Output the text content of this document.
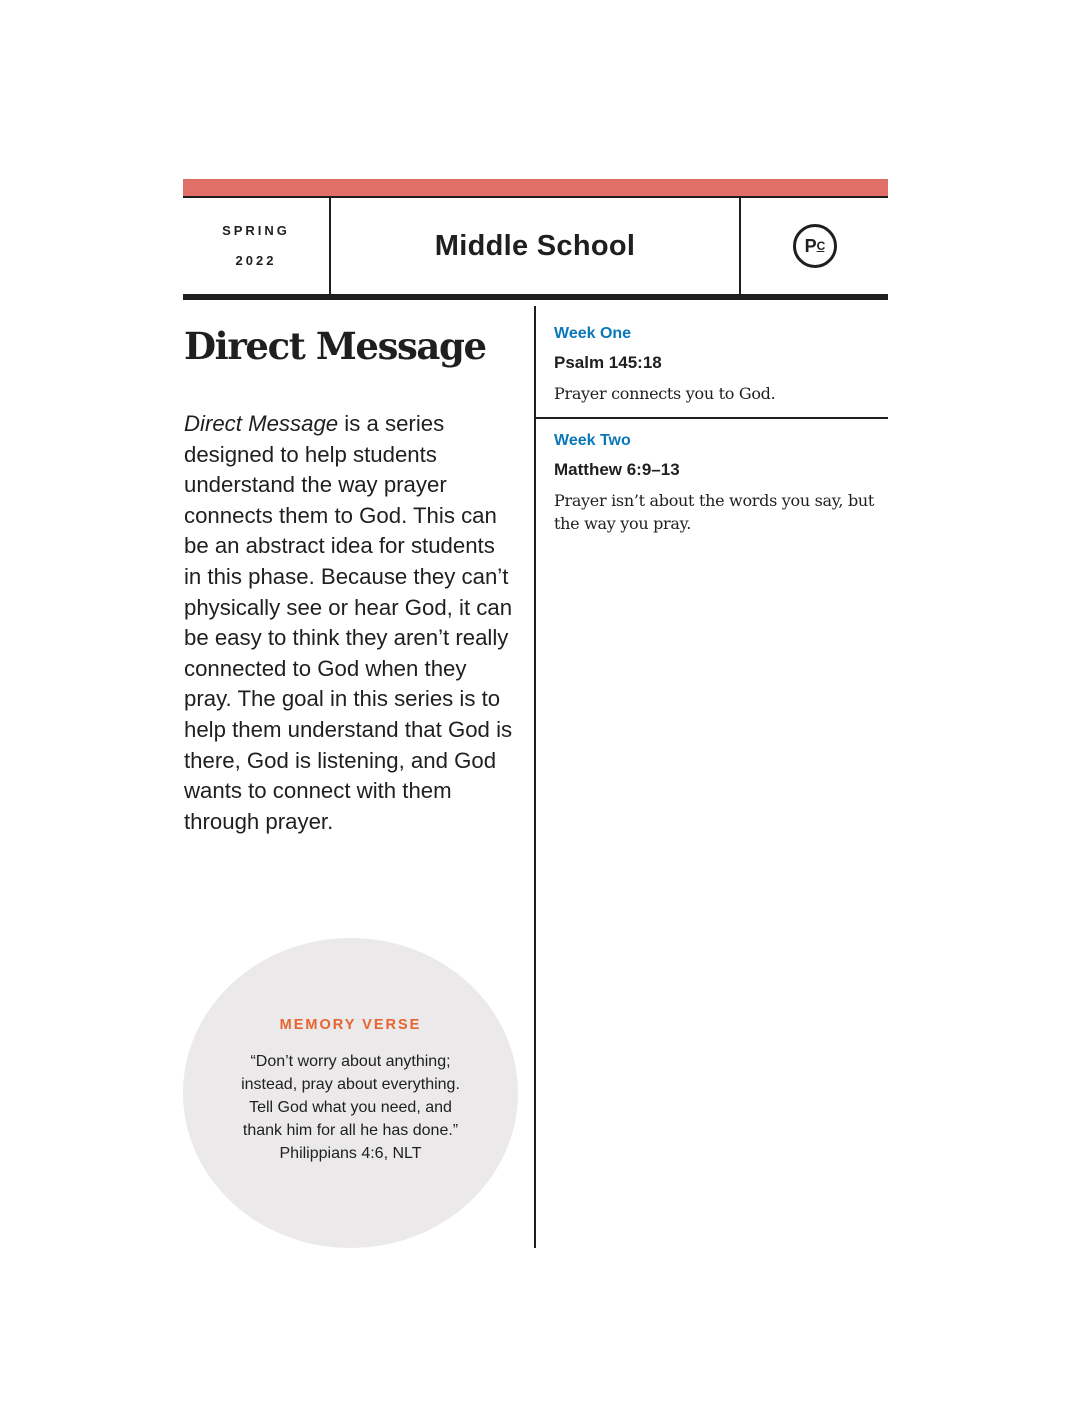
SPRING
2022	Middle School	P C
Direct Message

Direct Message is a series designed to help students understand the way prayer connects them to God. This can be an abstract idea for students in this phase. Because they can’t physically see or hear God, it can be easy to think they aren’t really connected to God when they pray. The goal in this series is to help them understand that God is there, God is listening, and God wants to connect with them through prayer.

MEMORY VERSE
“Don’t worry about anything;
instead, pray about everything.
Tell God what you need, and
thank him for all he has done.”
Philippians 4:6, NLT
Week One
Psalm 145:18
Prayer connects you to God.
Week Two
Matthew 6:9–13
Prayer isn’t about the words you say, but the way you pray.
